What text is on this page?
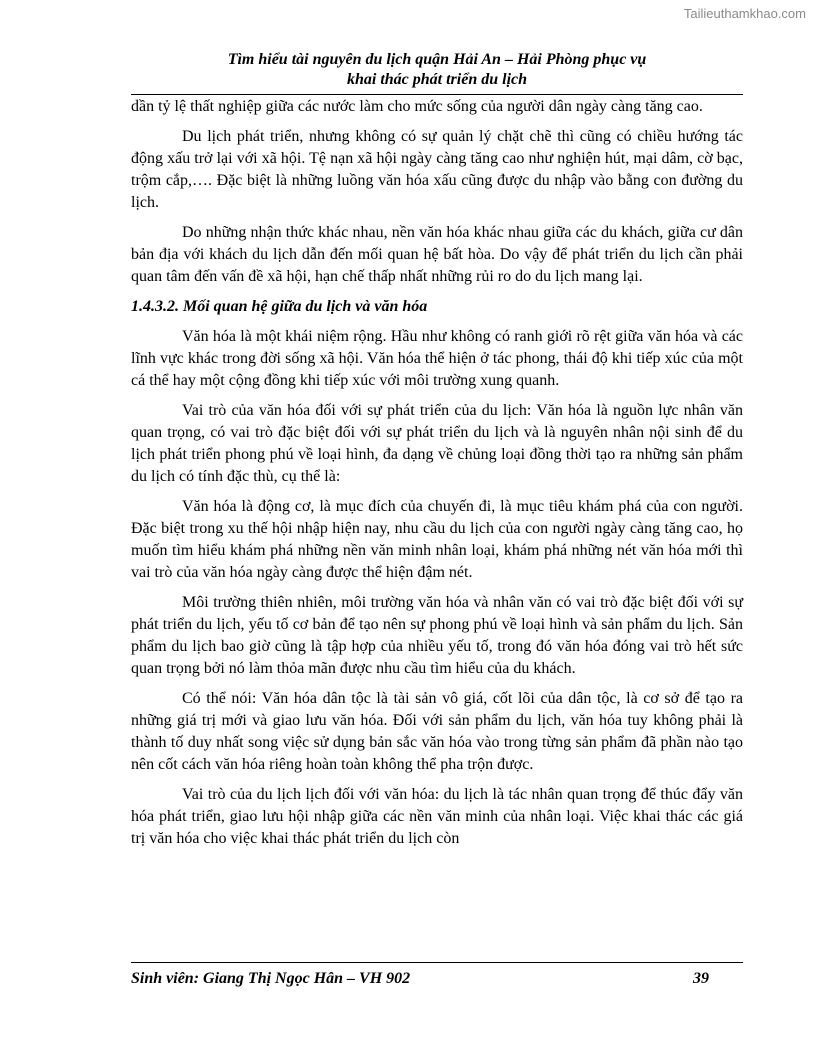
Tailieuthamkhao.com
Tìm hiểu tài nguyên du lịch quận Hải An – Hải Phòng phục vụ
khai thác phát triển du lịch

dần tỷ lệ thất nghiệp giữa các nước làm cho mức sống của người dân ngày càng tăng cao.

Du lịch phát triển, nhưng không có sự quản lý chặt chẽ thì cũng có chiều hướng tác động xấu trở lại với xã hội. Tệ nạn xã hội ngày càng tăng cao như nghiện hút, mại dâm, cờ bạc, trộm cắp,…. Đặc biệt là những luồng văn hóa xấu cũng được du nhập vào bằng con đường du lịch.

Do những nhận thức khác nhau, nền văn hóa khác nhau giữa các du khách, giữa cư dân bản địa với khách du lịch dẫn đến mối quan hệ bất hòa. Do vậy để phát triển du lịch cần phải quan tâm đến vấn đề xã hội, hạn chế thấp nhất những rủi ro do du lịch mang lại.

1.4.3.2. Mối quan hệ giữa du lịch và văn hóa

Văn hóa là một khái niệm rộng. Hầu như không có ranh giới rõ rệt giữa văn hóa và các lĩnh vực khác trong đời sống xã hội. Văn hóa thể hiện ở tác phong, thái độ khi tiếp xúc của một cá thể hay một cộng đồng khi tiếp xúc với môi trường xung quanh.

Vai trò của văn hóa đối với sự phát triển của du lịch: Văn hóa là nguồn lực nhân văn quan trọng, có vai trò đặc biệt đối với sự phát triển du lịch và là nguyên nhân nội sinh để du lịch phát triển phong phú về loại hình, đa dạng về chủng loại đồng thời tạo ra những sản phẩm du lịch có tính đặc thù, cụ thể là:

Văn hóa là động cơ, là mục đích của chuyến đi, là mục tiêu khám phá của con người. Đặc biệt trong xu thế hội nhập hiện nay, nhu cầu du lịch của con người ngày càng tăng cao, họ muốn tìm hiểu khám phá những nền văn minh nhân loại, khám phá những nét văn hóa mới thì vai trò của văn hóa ngày càng được thể hiện đậm nét.

Môi trường thiên nhiên, môi trường văn hóa và nhân văn có vai trò đặc biệt đối với sự phát triển du lịch, yếu tố cơ bản để tạo nên sự phong phú về loại hình và sản phẩm du lịch. Sản phẩm du lịch bao giờ cũng là tập hợp của nhiều yếu tố, trong đó văn hóa đóng vai trò hết sức quan trọng bởi nó làm thỏa mãn được nhu cầu tìm hiểu của du khách.

Có thể nói: Văn hóa dân tộc là tài sản vô giá, cốt lõi của dân tộc, là cơ sở để tạo ra những giá trị mới và giao lưu văn hóa. Đối với sản phẩm du lịch, văn hóa tuy không phải là thành tố duy nhất song việc sử dụng bản sắc văn hóa vào trong từng sản phẩm đã phần nào tạo nên cốt cách văn hóa riêng hoàn toàn không thể pha trộn được.

Vai trò của du lịch lịch đối với văn hóa: du lịch là tác nhân quan trọng để thúc đẩy văn hóa phát triển, giao lưu hội nhập giữa các nền văn minh của nhân loại. Việc khai thác các giá trị văn hóa cho việc khai thác phát triển du lịch còn

Sinh viên: Giang Thị Ngọc Hân – VH 902	39
